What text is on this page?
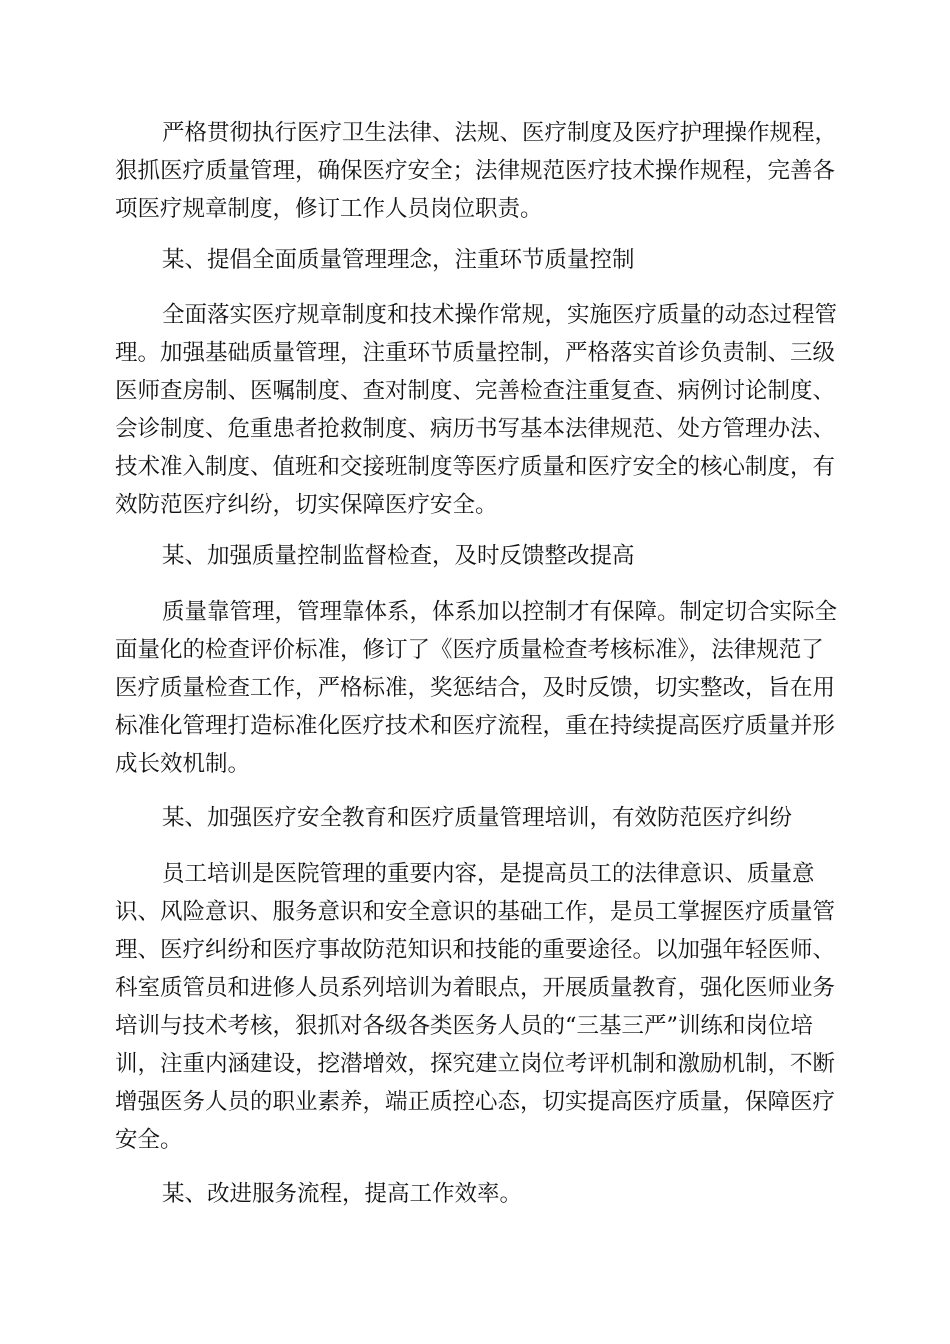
严格贯彻执行医疗卫生法律、法规、医疗制度及医疗护理操作规程，
狠抓医疗质量管理，确保医疗安全；法律规范医疗技术操作规程，完善各
项医疗规章制度，修订工作人员岗位职责。
某、提倡全面质量管理理念，注重环节质量控制
全面落实医疗规章制度和技术操作常规，实施医疗质量的动态过程管
理。加强基础质量管理，注重环节质量控制，严格落实首诊负责制、三级
医师查房制、医嘱制度、查对制度、完善检查注重复查、病例讨论制度、
会诊制度、危重患者抢救制度、病历书写基本法律规范、处方管理办法、
技术准入制度、值班和交接班制度等医疗质量和医疗安全的核心制度，有
效防范医疗纠纷，切实保障医疗安全。
某、加强质量控制监督检查，及时反馈整改提高
质量靠管理，管理靠体系，体系加以控制才有保障。制定切合实际全
面量化的检查评价标准，修订了《医疗质量检查考核标准》，法律规范了
医疗质量检查工作，严格标准，奖惩结合，及时反馈，切实整改，旨在用
标准化管理打造标准化医疗技术和医疗流程，重在持续提高医疗质量并形
成长效机制。
某、加强医疗安全教育和医疗质量管理培训，有效防范医疗纠纷
员工培训是医院管理的重要内容，是提高员工的法律意识、质量意
识、风险意识、服务意识和安全意识的基础工作，是员工掌握医疗质量管
理、医疗纠纷和医疗事故防范知识和技能的重要途径。以加强年轻医师、
科室质管员和进修人员系列培训为着眼点，开展质量教育，强化医师业务
培训与技术考核，狠抓对各级各类医务人员的“三基三严”训练和岗位培
训，注重内涵建设，挖潜增效，探究建立岗位考评机制和激励机制，不断
增强医务人员的职业素养，端正质控心态，切实提高医疗质量，保障医疗
安全。
某、改进服务流程，提高工作效率。
